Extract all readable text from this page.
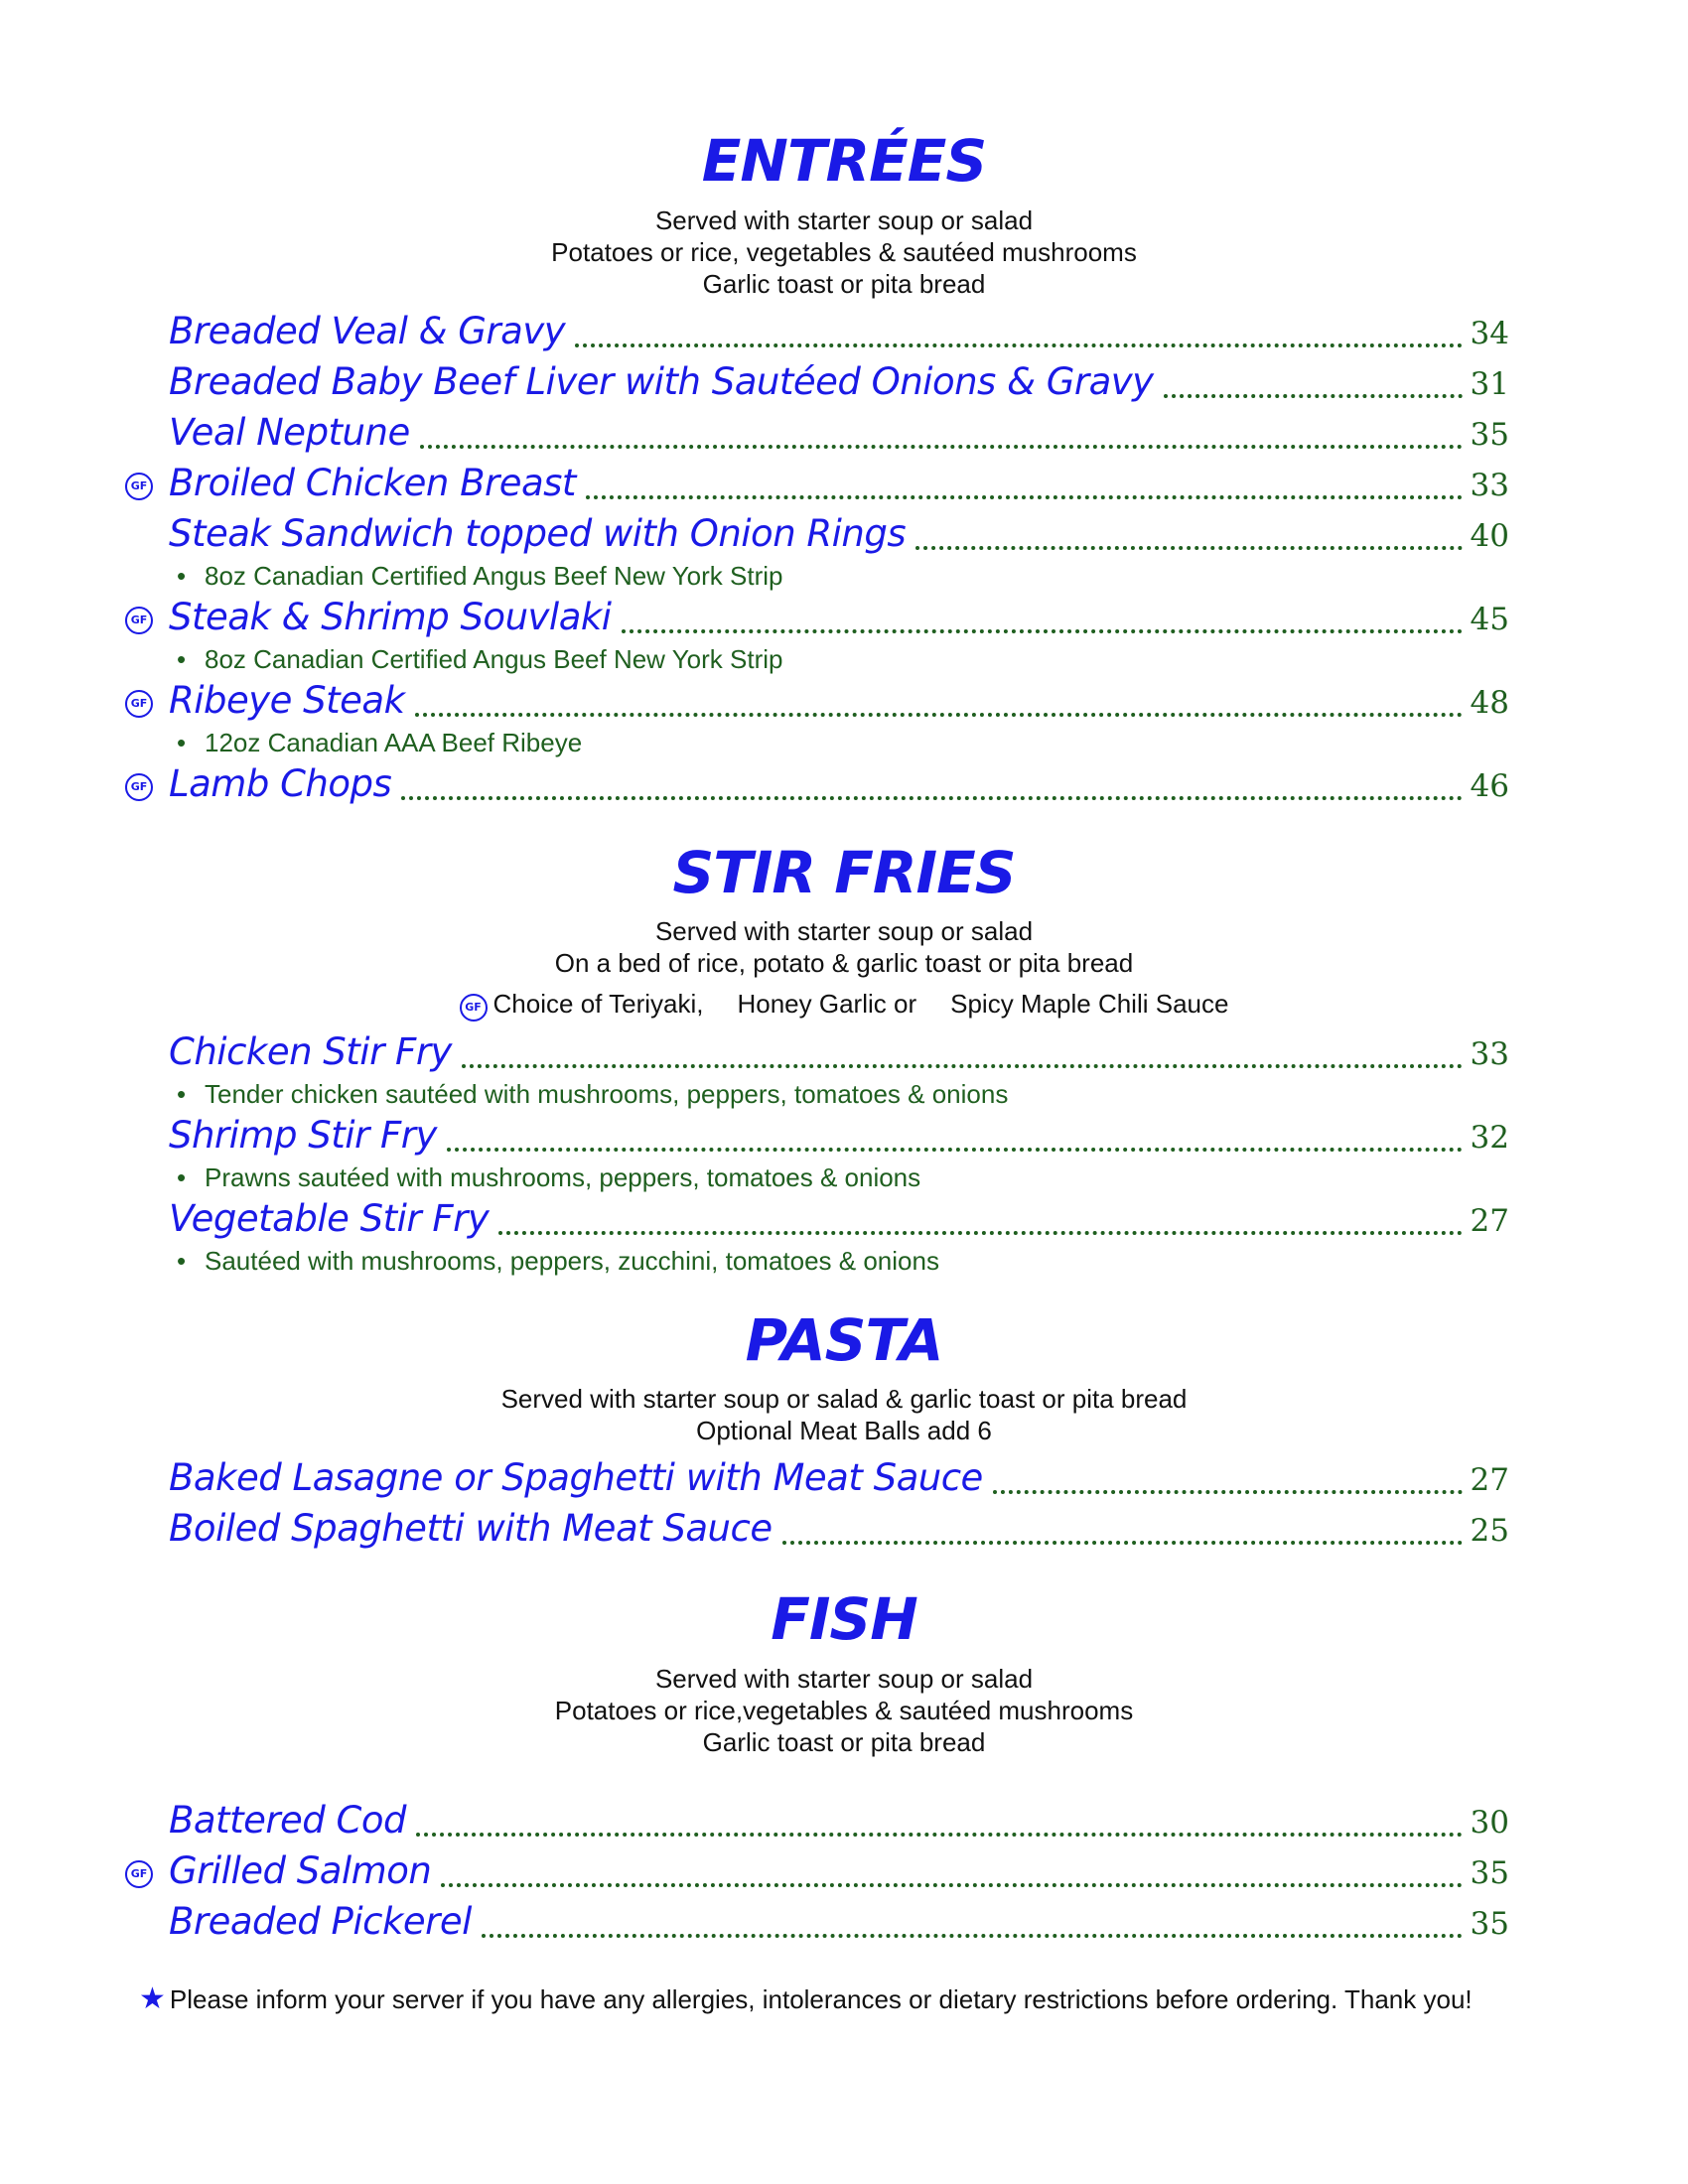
ENTRÉES
Served with starter soup or salad
Potatoes or rice, vegetables & sautéed mushrooms
Garlic toast or pita bread
Breaded Veal & Gravy	34
Breaded Baby Beef Liver with Sautéed Onions & Gravy	31
Veal Neptune	35
GF Broiled Chicken Breast	33
Steak Sandwich topped with Onion Rings	40
• 8oz Canadian Certified Angus Beef New York Strip
GF Steak & Shrimp Souvlaki	45
• 8oz Canadian Certified Angus Beef New York Strip
GF Ribeye Steak	48
• 12oz Canadian AAA Beef Ribeye
GF Lamb Chops	46
STIR FRIES
Served with starter soup or salad
On a bed of rice, potato & garlic toast or pita bread
GF Choice of Teriyaki, Honey Garlic or Spicy Maple Chili Sauce
Chicken Stir Fry	33
• Tender chicken sautéed with mushrooms, peppers, tomatoes & onions
Shrimp Stir Fry	32
• Prawns sautéed with mushrooms, peppers, tomatoes & onions
Vegetable Stir Fry	27
• Sautéed with mushrooms, peppers, zucchini, tomatoes & onions
PASTA
Served with starter soup or salad & garlic toast or pita bread
Optional Meat Balls add 6
Baked Lasagne or Spaghetti with Meat Sauce	27
Boiled Spaghetti with Meat Sauce	25
FISH
Served with starter soup or salad
Potatoes or rice,vegetables & sautéed mushrooms
Garlic toast or pita bread
Battered Cod	30
GF Grilled Salmon	35
Breaded Pickerel	35
★ Please inform your server if you have any allergies, intolerances or dietary restrictions before ordering. Thank you!
